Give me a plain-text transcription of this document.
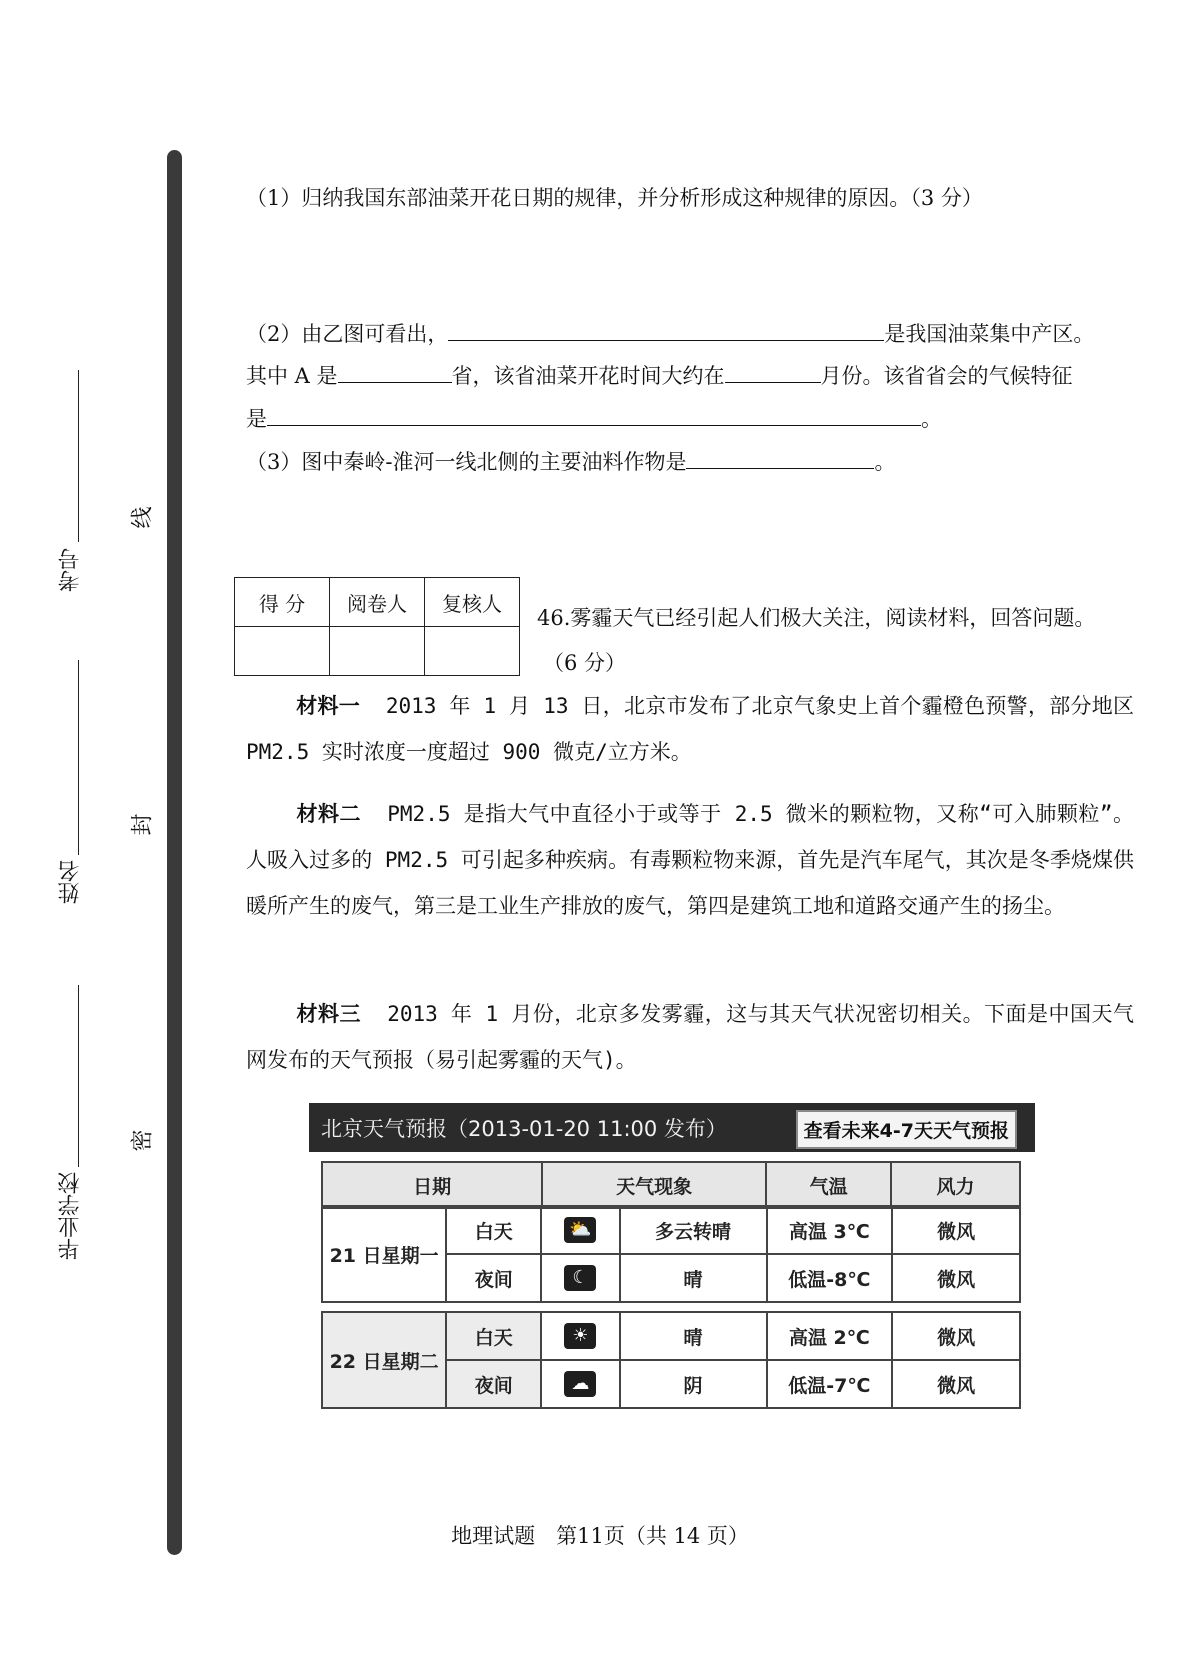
考号
姓名
毕业学校
线
封
密
（1）归纳我国东部油菜开花日期的规律，并分析形成这种规律的原因。（3 分）
（2）由乙图可看出，	是我国油菜集中产区。
其中 A 是	省，该省油菜开花时间大约在	月份。该省省会的气候特征
是	。
（3）图中秦岭-淮河一线北侧的主要油料作物是	。
得 分	阅卷人	复核人

46.雾霾天气已经引起人们极大关注，阅读材料，回答问题。
（6 分）
材料一 2013 年 1 月 13 日，北京市发布了北京气象史上首个霾橙色预警，部分地区 PM2.5 实时浓度一度超过 900 微克/立方米。
材料二 PM2.5 是指大气中直径小于或等于 2.5 微米的颗粒物，又称“可入肺颗粒”。人吸入过多的 PM2.5 可引起多种疾病。有毒颗粒物来源，首先是汽车尾气，其次是冬季烧煤供暖所产生的废气，第三是工业生产排放的废气，第四是建筑工地和道路交通产生的扬尘。
材料三 2013 年 1 月份，北京多发雾霾，这与其天气状况密切相关。下面是中国天气网发布的天气预报（易引起雾霾的天气)。
北京天气预报（2013-01-20 11:00 发布）	查看未来4-7天天气预报
日期	天气现象	气温	风力
21 日星期一	白天	⛅	多云转晴	高温 3℃	微风
	夜间	☾	晴	低温-8℃	微风
22 日星期二	白天	☀	晴	高温 2℃	微风
	夜间	☁	阴	低温-7℃	微风
地理试题　第11页（共 14 页）
